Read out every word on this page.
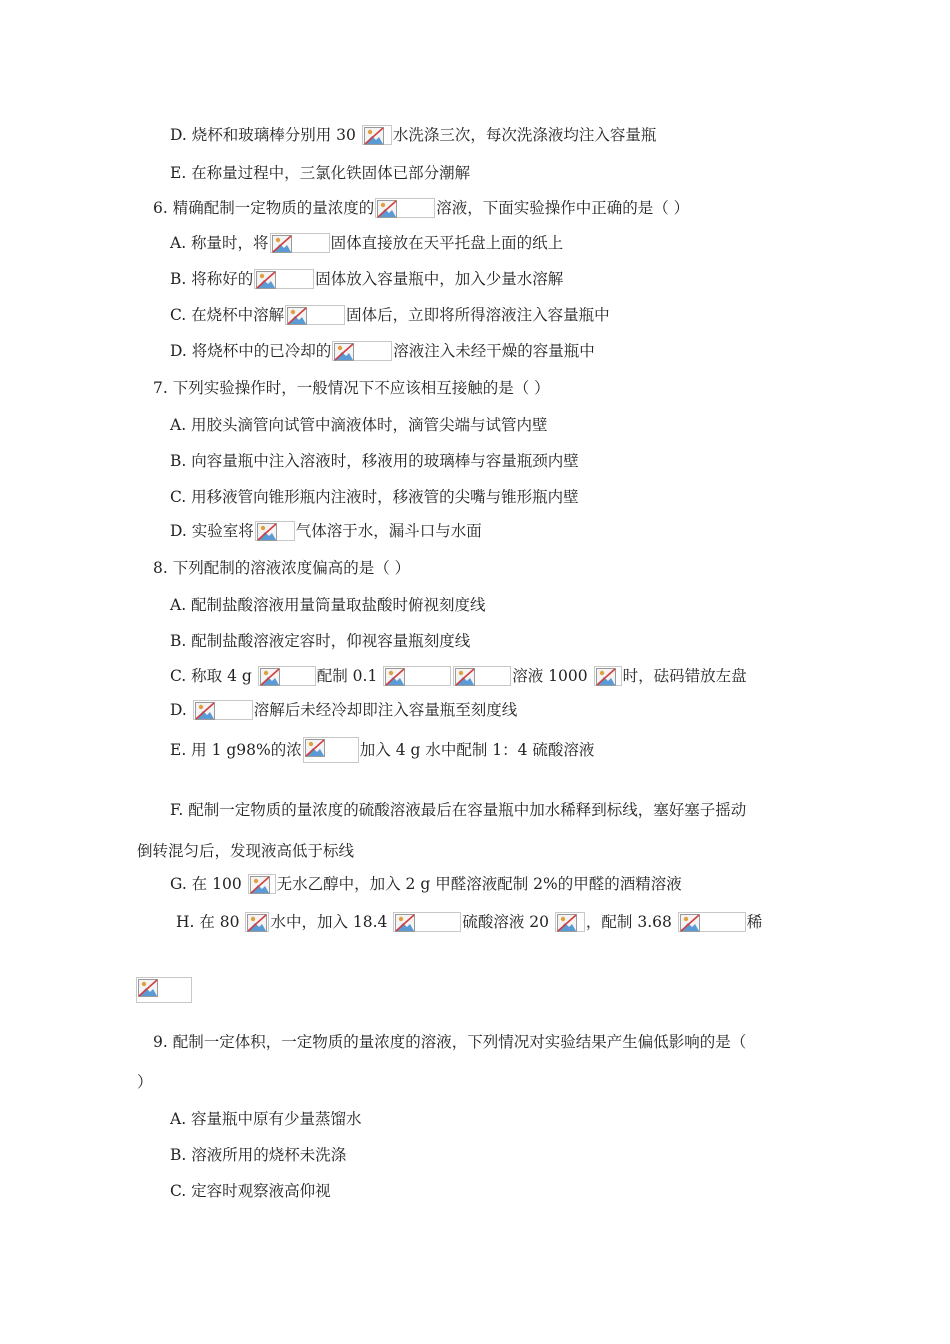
D. 烧杯和玻璃棒分别用 30
水洗涤三次，每次洗涤液均注入容量瓶
E. 在称量过程中，三氯化铁固体已部分潮解
6. 精确配制一定物质的量浓度的	溶液，下面实验操作中正确的是（ ）
A. 称量时，将	固体直接放在天平托盘上面的纸上
B. 将称好的	固体放入容量瓶中，加入少量水溶解
C. 在烧杯中溶解	固体后，立即将所得溶液注入容量瓶中
D. 将烧杯中的已冷却的	溶液注入未经干燥的容量瓶中
7. 下列实验操作时，一般情况下不应该相互接触的是（ ）
A. 用胶头滴管向试管中滴液体时，滴管尖端与试管内壁
B. 向容量瓶中注入溶液时，移液用的玻璃棒与容量瓶颈内壁
C. 用移液管向锥形瓶内注液时，移液管的尖嘴与锥形瓶内壁
D. 实验室将	气体溶于水，漏斗口与水面
8. 下列配制的溶液浓度偏高的是（ ）
A. 配制盐酸溶液用量筒量取盐酸时俯视刻度线
B. 配制盐酸溶液定容时，仰视容量瓶刻度线
C. 称取 4 g	配制 0.1	溶液 1000
时，砝码错放左盘
D.	溶解后未经冷却即注入容量瓶至刻度线
E. 用 1 g98%的浓	加入 4 g 水中配制 1：4 硫酸溶液
F. 配制一定物质的量浓度的硫酸溶液最后在容量瓶中加水稀释到标线，塞好塞子摇动
倒转混匀后，发现液高低于标线
G. 在 100
无水乙醇中，加入 2 g 甲醛溶液配制 2%的甲醛的酒精溶液
H. 在 80
水中，加入 18.4	硫酸溶液 20
，配制 3.68	稀
9. 配制一定体积，一定物质的量浓度的溶液，下列情况对实验结果产生偏低影响的是（
）
A. 容量瓶中原有少量蒸馏水
B. 溶液所用的烧杯未洗涤
C. 定容时观察液高仰视
